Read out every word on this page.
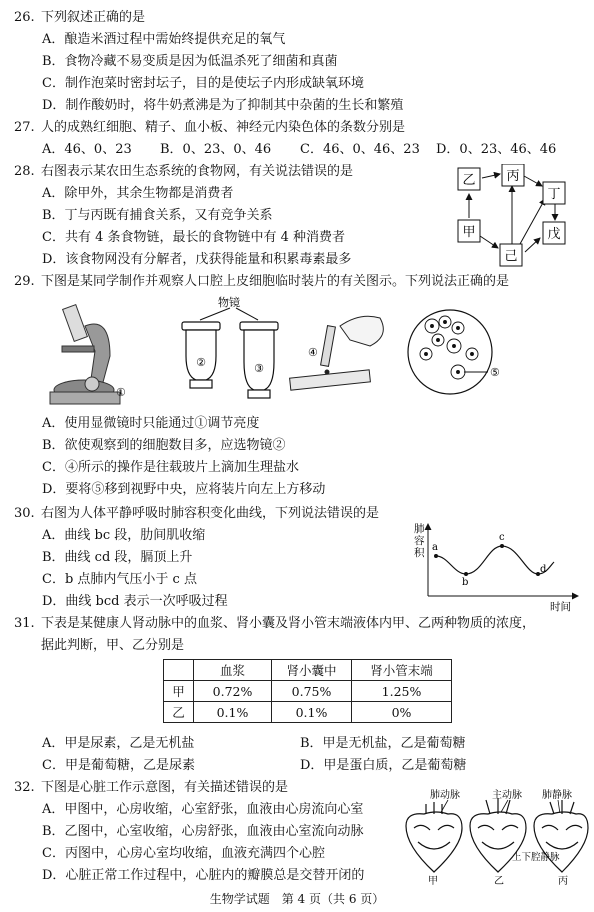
26. 下列叙述正确的是
A．酿造米酒过程中需始终提供充足的氧气
B．食物冷藏不易变质是因为低温杀死了细菌和真菌
C．制作泡菜时密封坛子，目的是使坛子内形成缺氧环境
D．制作酸奶时，将牛奶煮沸是为了抑制其中杂菌的生长和繁殖
27. 人的成熟红细胞、精子、血小板、神经元内染色体的条数分别是
A．46、0、23 B．0、23、0、46 C．46、0、46、23 D．0、23、46、46
28. 右图表示某农田生态系统的食物网，有关说法错误的是
A．除甲外，其余生物都是消费者
B．丁与丙既有捕食关系，又有竞争关系
C．共有 4 条食物链，最长的食物链中有 4 种消费者
D．该食物网没有分解者，戊获得能量和积累毒素最多
乙 丙
丁
甲
己
戊
29. 下图是某同学制作并观察人口腔上皮细胞临时装片的有关图示。下列说法正确的是
①
物镜
②	③
④
⑤
A．使用显微镜时只能通过①调节亮度
B．欲使观察到的细胞数目多，应选物镜②
C．④所示的操作是往载玻片上滴加生理盐水
D．要将⑤移到视野中央，应将装片向左上方移动
30. 右图为人体平静呼吸时肺容积变化曲线，下列说法错误的是
A．曲线 bc 段，肋间肌收缩
B．曲线 cd 段，膈顶上升
C．b 点肺内气压小于 c 点
D．曲线 bcd 表示一次呼吸过程
肺
容
积 a
b
c
d
时间
31. 下表是某健康人肾动脉中的血浆、肾小囊及肾小管末端液体内甲、乙两种物质的浓度，
据此判断，甲、乙分别是
	血浆	肾小囊中	肾小管末端
甲	0.72%	0.75%	1.25%
乙	0.1%	0.1%	0%
A．甲是尿素，乙是无机盐	B．甲是无机盐，乙是葡萄糖
C．甲是葡萄糖，乙是尿素	D．甲是蛋白质，乙是葡萄糖
32. 下图是心脏工作示意图，有关描述错误的是
A．甲图中，心房收缩，心室舒张，血液由心房流向心室
B．乙图中，心室收缩，心房舒张，血液由心室流向动脉
C．丙图中，心房心室均收缩，血液充满四个心腔
D．心脏正常工作过程中，心脏内的瓣膜总是交替开闭的
肺动脉	主动脉 肺静脉
上下腔静脉
甲	乙	丙
生物学试题　第 4 页（共 6 页）
